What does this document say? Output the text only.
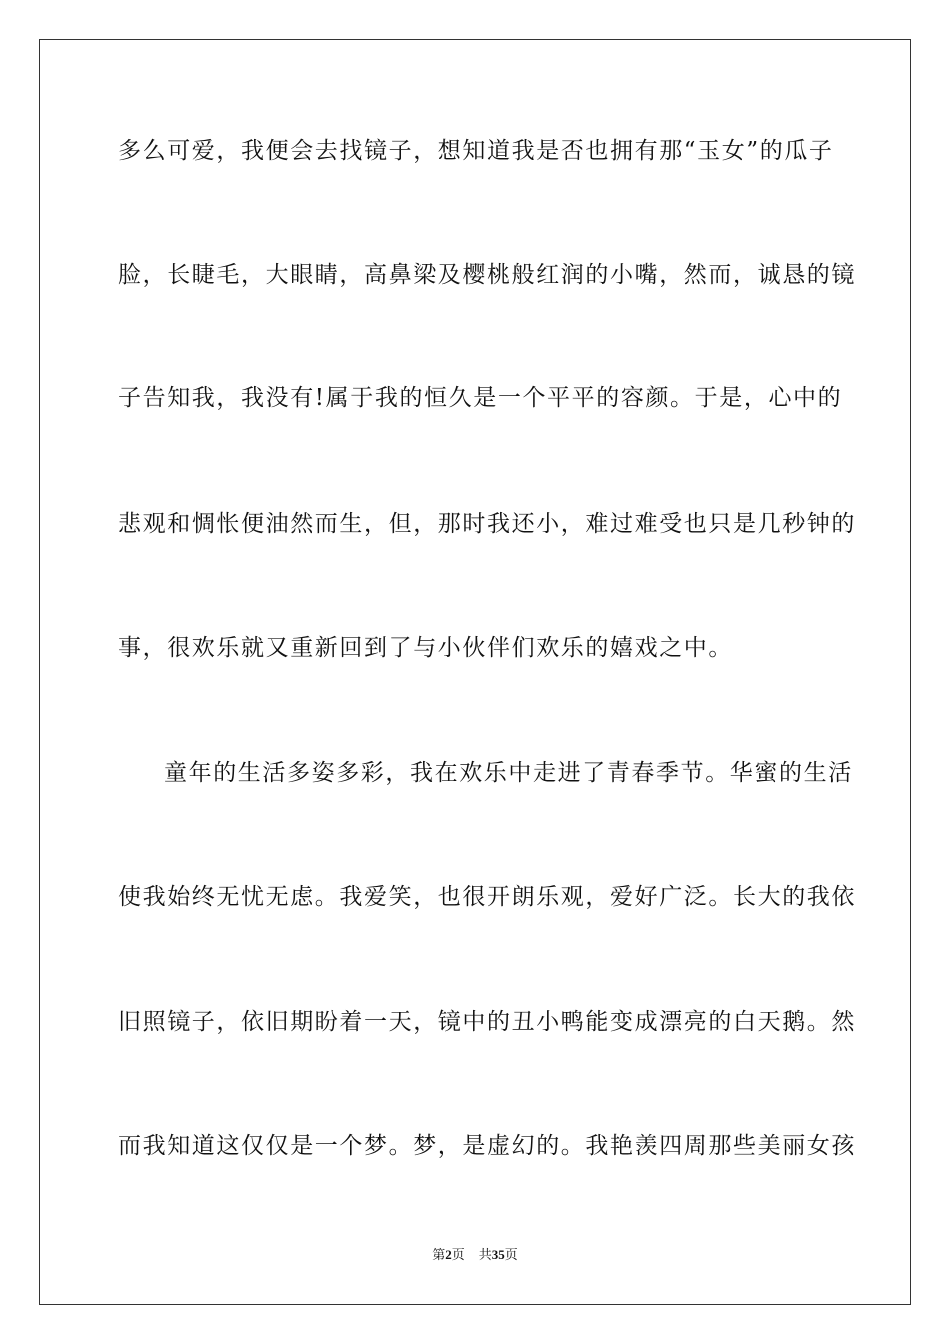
多么可爱，我便会去找镜子，想知道我是否也拥有那“玉女”的瓜子
脸，长睫毛，大眼睛，高鼻梁及樱桃般红润的小嘴，然而，诚恳的镜
子告知我，我没有!属于我的恒久是一个平平的容颜。于是，心中的
悲观和惆怅便油然而生，但，那时我还小，难过难受也只是几秒钟的
事，很欢乐就又重新回到了与小伙伴们欢乐的嬉戏之中。
童年的生活多姿多彩，我在欢乐中走进了青春季节。华蜜的生活
使我始终无忧无虑。我爱笑，也很开朗乐观，爱好广泛。长大的我依
旧照镜子，依旧期盼着一天，镜中的丑小鸭能变成漂亮的白天鹅。然
而我知道这仅仅是一个梦。梦，是虚幻的。我艳羡四周那些美丽女孩
第2页 共35页
